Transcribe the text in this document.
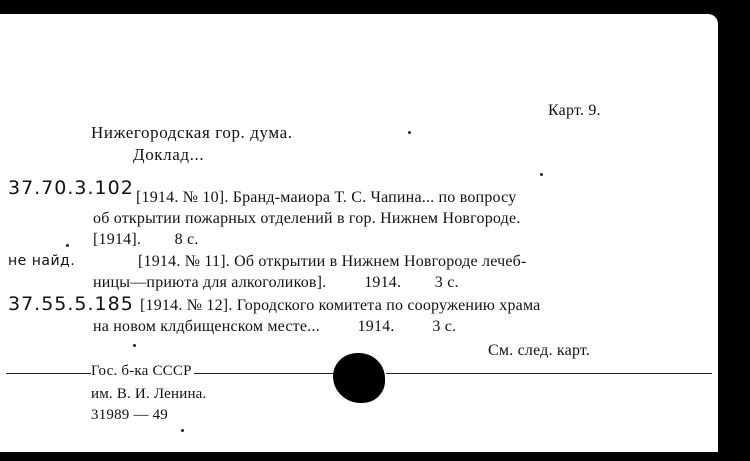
Карт. 9.
Нижегородская гор. дума.
Доклад...
37.70.3.102 [1914. № 10]. Бранд-маиора Т. С. Чапина... по вопросу
об открытии пожарных отделений в гор. Нижнем Новгороде.
[1914].        8 с.
не найд.	[1914. № 11]. Об открытии в Нижнем Новгороде лечеб-
ницы—приюта для алкоголиков].         1914.        3 с.
37.55.5.185 [1914. № 12]. Городского комитета по сооружению храма
на новом клдбищенском месте...         1914.         3 с.
См. след. карт.
Гос. б-ка СССР
им. В. И. Ленина.
31989 — 49
